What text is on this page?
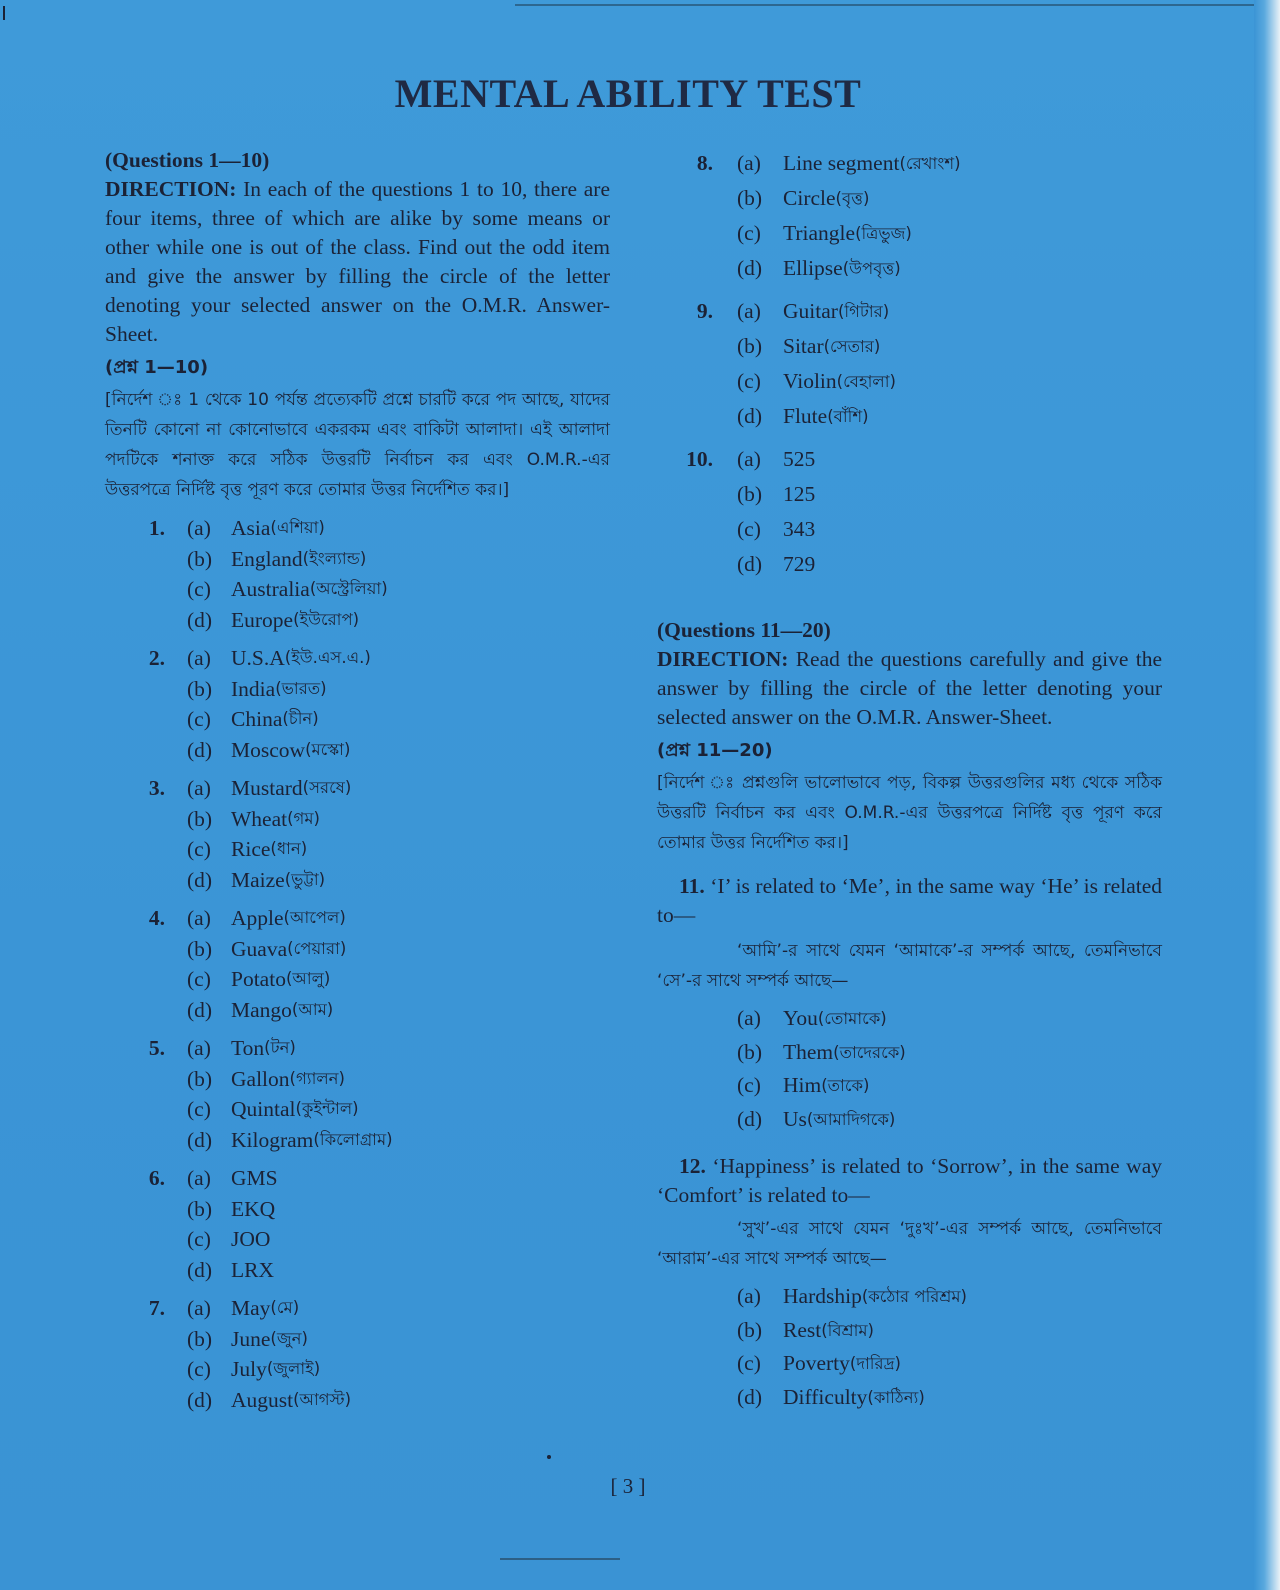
MENTAL ABILITY TEST

(Questions 1—10)

DIRECTION: In each of the questions 1 to 10, there are four items, three of which are alike by some means or other while one is out of the class. Find out the odd item and give the answer by filling the circle of the letter denoting your selected answer on the O.M.R. Answer-Sheet.

(প্রশ্ন 1—10)

[নির্দেশ ঃ 1 থেকে 10 পর্যন্ত প্রত্যেকটি প্রশ্নে চারটি করে পদ আছে, যাদের তিনটি কোনো না কোনোভাবে একরকম এবং বাকিটা আলাদা। এই আলাদা পদটিকে শনাক্ত করে সঠিক উত্তরটি নির্বাচন কর এবং O.M.R.-এর উত্তরপত্রে নির্দিষ্ট বৃত্ত পূরণ করে তোমার উত্তর নির্দেশিত কর।]

1.	(a) Asia (এশিয়া)
(b) England (ইংল্যান্ড)
(c) Australia (অস্ট্রেলিয়া)
(d) Europe (ইউরোপ)
2.	(a) U.S.A (ইউ.এস.এ.)
(b) India (ভারত)
(c) China (চীন)
(d) Moscow (মস্কো)
3.	(a) Mustard (সরষে)
(b) Wheat (গম)
(c) Rice (ধান)
(d) Maize (ভুট্টা)
4.	(a) Apple (আপেল)
(b) Guava (পেয়ারা)
(c) Potato (আলু)
(d) Mango (আম)
5.	(a) Ton (টন)
(b) Gallon (গ্যালন)
(c) Quintal (কুইন্টাল)
(d) Kilogram (কিলোগ্রাম)
6.	(a) GMS
(b) EKQ
(c) JOO
(d) LRX
7.	(a) May (মে)
(b) June (জুন)
(c) July (জুলাই)
(d) August (আগস্ট)
8.	(a)	Line segment (রেখাংশ)
(b) Circle (বৃত্ত)
(c)	Triangle (ত্রিভুজ)
(d) Ellipse (উপবৃত্ত)
9.	(a)	Guitar (গিটার)
(b) Sitar (সেতার)
(c)	Violin (বেহালা)
(d) Flute (বাঁশি)
10.	(a)	525
(b) 125
(c)	343
(d) 729

(Questions 11—20)

DIRECTION: Read the questions carefully and give the answer by filling the circle of the letter denoting your selected answer on the O.M.R. Answer-Sheet.

(প্রশ্ন 11—20)

[নির্দেশ ঃ প্রশ্নগুলি ভালোভাবে পড়, বিকল্প উত্তরগুলির মধ্য থেকে সঠিক উত্তরটি নির্বাচন কর এবং O.M.R.-এর উত্তরপত্রে নির্দিষ্ট বৃত্ত পূরণ করে তোমার উত্তর নির্দেশিত কর।]

11. ‘I’ is related to ‘Me’, in the same way ‘He’ is related to—

‘আমি’-র সাথে যেমন ‘আমাকে’-র সম্পর্ক আছে, তেমনিভাবে ‘সে’-র সাথে সম্পর্ক আছে—

(a)	You (তোমাকে)
(b) Them (তাদেরকে)
(c)	Him (তাকে)
(d) Us (আমাদিগকে)

12. ‘Happiness’ is related to ‘Sorrow’, in the same way ‘Comfort’ is related to—

‘সুখ’-এর সাথে যেমন ‘দুঃখ’-এর সম্পর্ক আছে, তেমনিভাবে ‘আরাম’-এর সাথে সম্পর্ক আছে—

(a)	Hardship (কঠোর পরিশ্রম)
(b) Rest (বিশ্রাম)
(c)	Poverty (দারিদ্র)
(d) Difficulty (কাঠিন্য)
[ 3 ]
